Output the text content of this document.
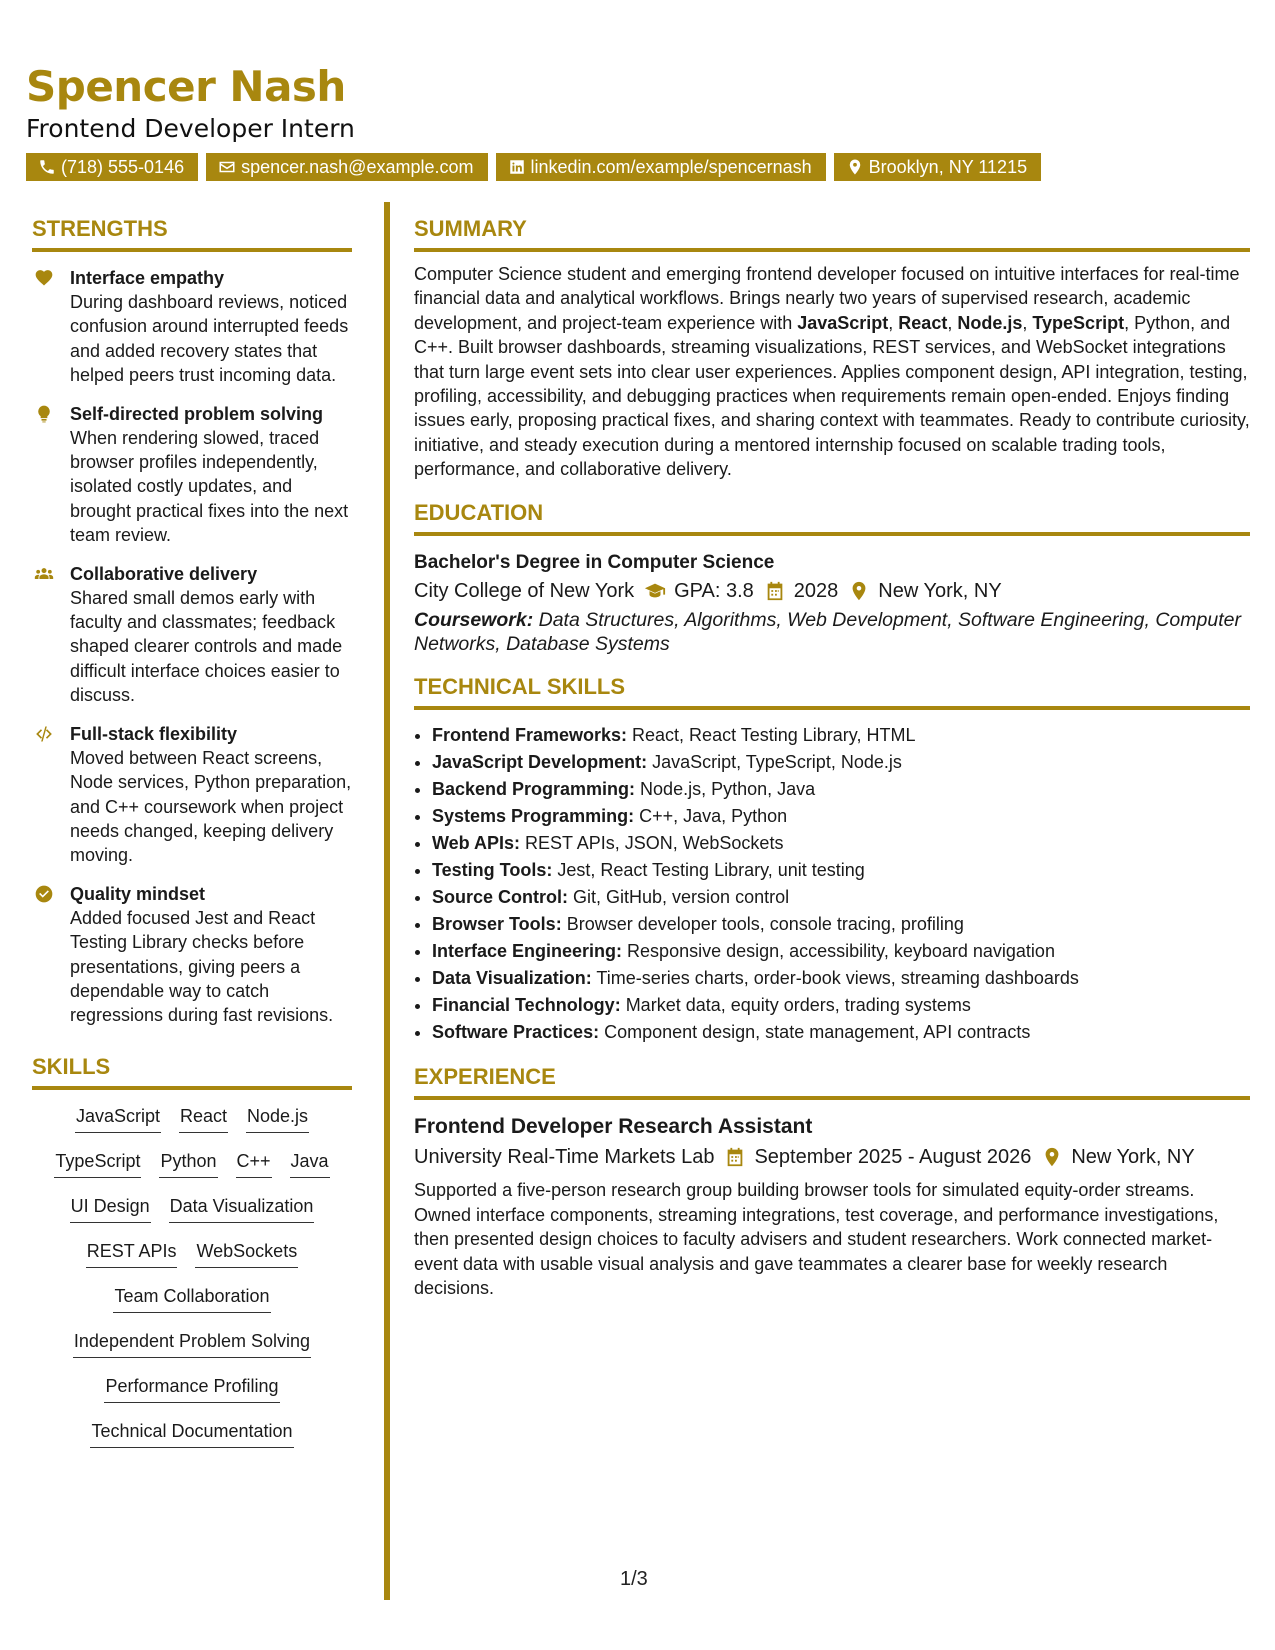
Spencer Nash
Frontend Developer Intern
(718) 555-0146	spencer.nash@example.com	linkedin.com/example/spencernash	Brooklyn, NY 11215
STRENGTHS
Interface empathy
During dashboard reviews, noticed confusion around interrupted feeds and added recovery states that helped peers trust incoming data.
Self-directed problem solving
When rendering slowed, traced browser profiles independently, isolated costly updates, and brought practical fixes into the next team review.
Collaborative delivery
Shared small demos early with faculty and classmates; feedback shaped clearer controls and made difficult interface choices easier to discuss.
Full-stack flexibility
Moved between React screens, Node services, Python preparation, and C++ coursework when project needs changed, keeping delivery moving.
Quality mindset
Added focused Jest and React Testing Library checks before presentations, giving peers a dependable way to catch regressions during fast revisions.
SKILLS
JavaScript React Node.js
TypeScript Python C++ Java
UI Design Data Visualization
REST APIs WebSockets
Team Collaboration
Independent Problem Solving
Performance Profiling
Technical Documentation
SUMMARY

Computer Science student and emerging frontend developer focused on intuitive interfaces for real-time financial data and analytical workflows. Brings nearly two years of supervised research, academic development, and project-team experience with JavaScript, React, Node.js, TypeScript, Python, and C++. Built browser dashboards, streaming visualizations, REST services, and WebSocket integrations that turn large event sets into clear user experiences. Applies component design, API integration, testing, profiling, accessibility, and debugging practices when requirements remain open-ended. Enjoys finding issues early, proposing practical fixes, and sharing context with teammates. Ready to contribute curiosity, initiative, and steady execution during a mentored internship focused on scalable trading tools, performance, and collaborative delivery.

EDUCATION
Bachelor's Degree in Computer Science
City College of New York GPA: 3.8 2028 New York, NY
Coursework: Data Structures, Algorithms, Web Development, Software Engineering, Computer Networks, Database Systems
TECHNICAL SKILLS
• Frontend Frameworks: React, React Testing Library, HTML
• JavaScript Development: JavaScript, TypeScript, Node.js
• Backend Programming: Node.js, Python, Java
• Systems Programming: C++, Java, Python
• Web APIs: REST APIs, JSON, WebSockets
• Testing Tools: Jest, React Testing Library, unit testing
• Source Control: Git, GitHub, version control
• Browser Tools: Browser developer tools, console tracing, profiling
• Interface Engineering: Responsive design, accessibility, keyboard navigation
• Data Visualization: Time-series charts, order-book views, streaming dashboards
• Financial Technology: Market data, equity orders, trading systems
• Software Practices: Component design, state management, API contracts
EXPERIENCE
Frontend Developer Research Assistant
University Real-Time Markets Lab September 2025 - August 2026 New York, NY

Supported a five-person research group building browser tools for simulated equity-order streams. Owned interface components, streaming integrations, test coverage, and performance investigations, then presented design choices to faculty advisers and student researchers. Work connected market-event data with usable visual analysis and gave teammates a clearer base for weekly research decisions.

1/3
